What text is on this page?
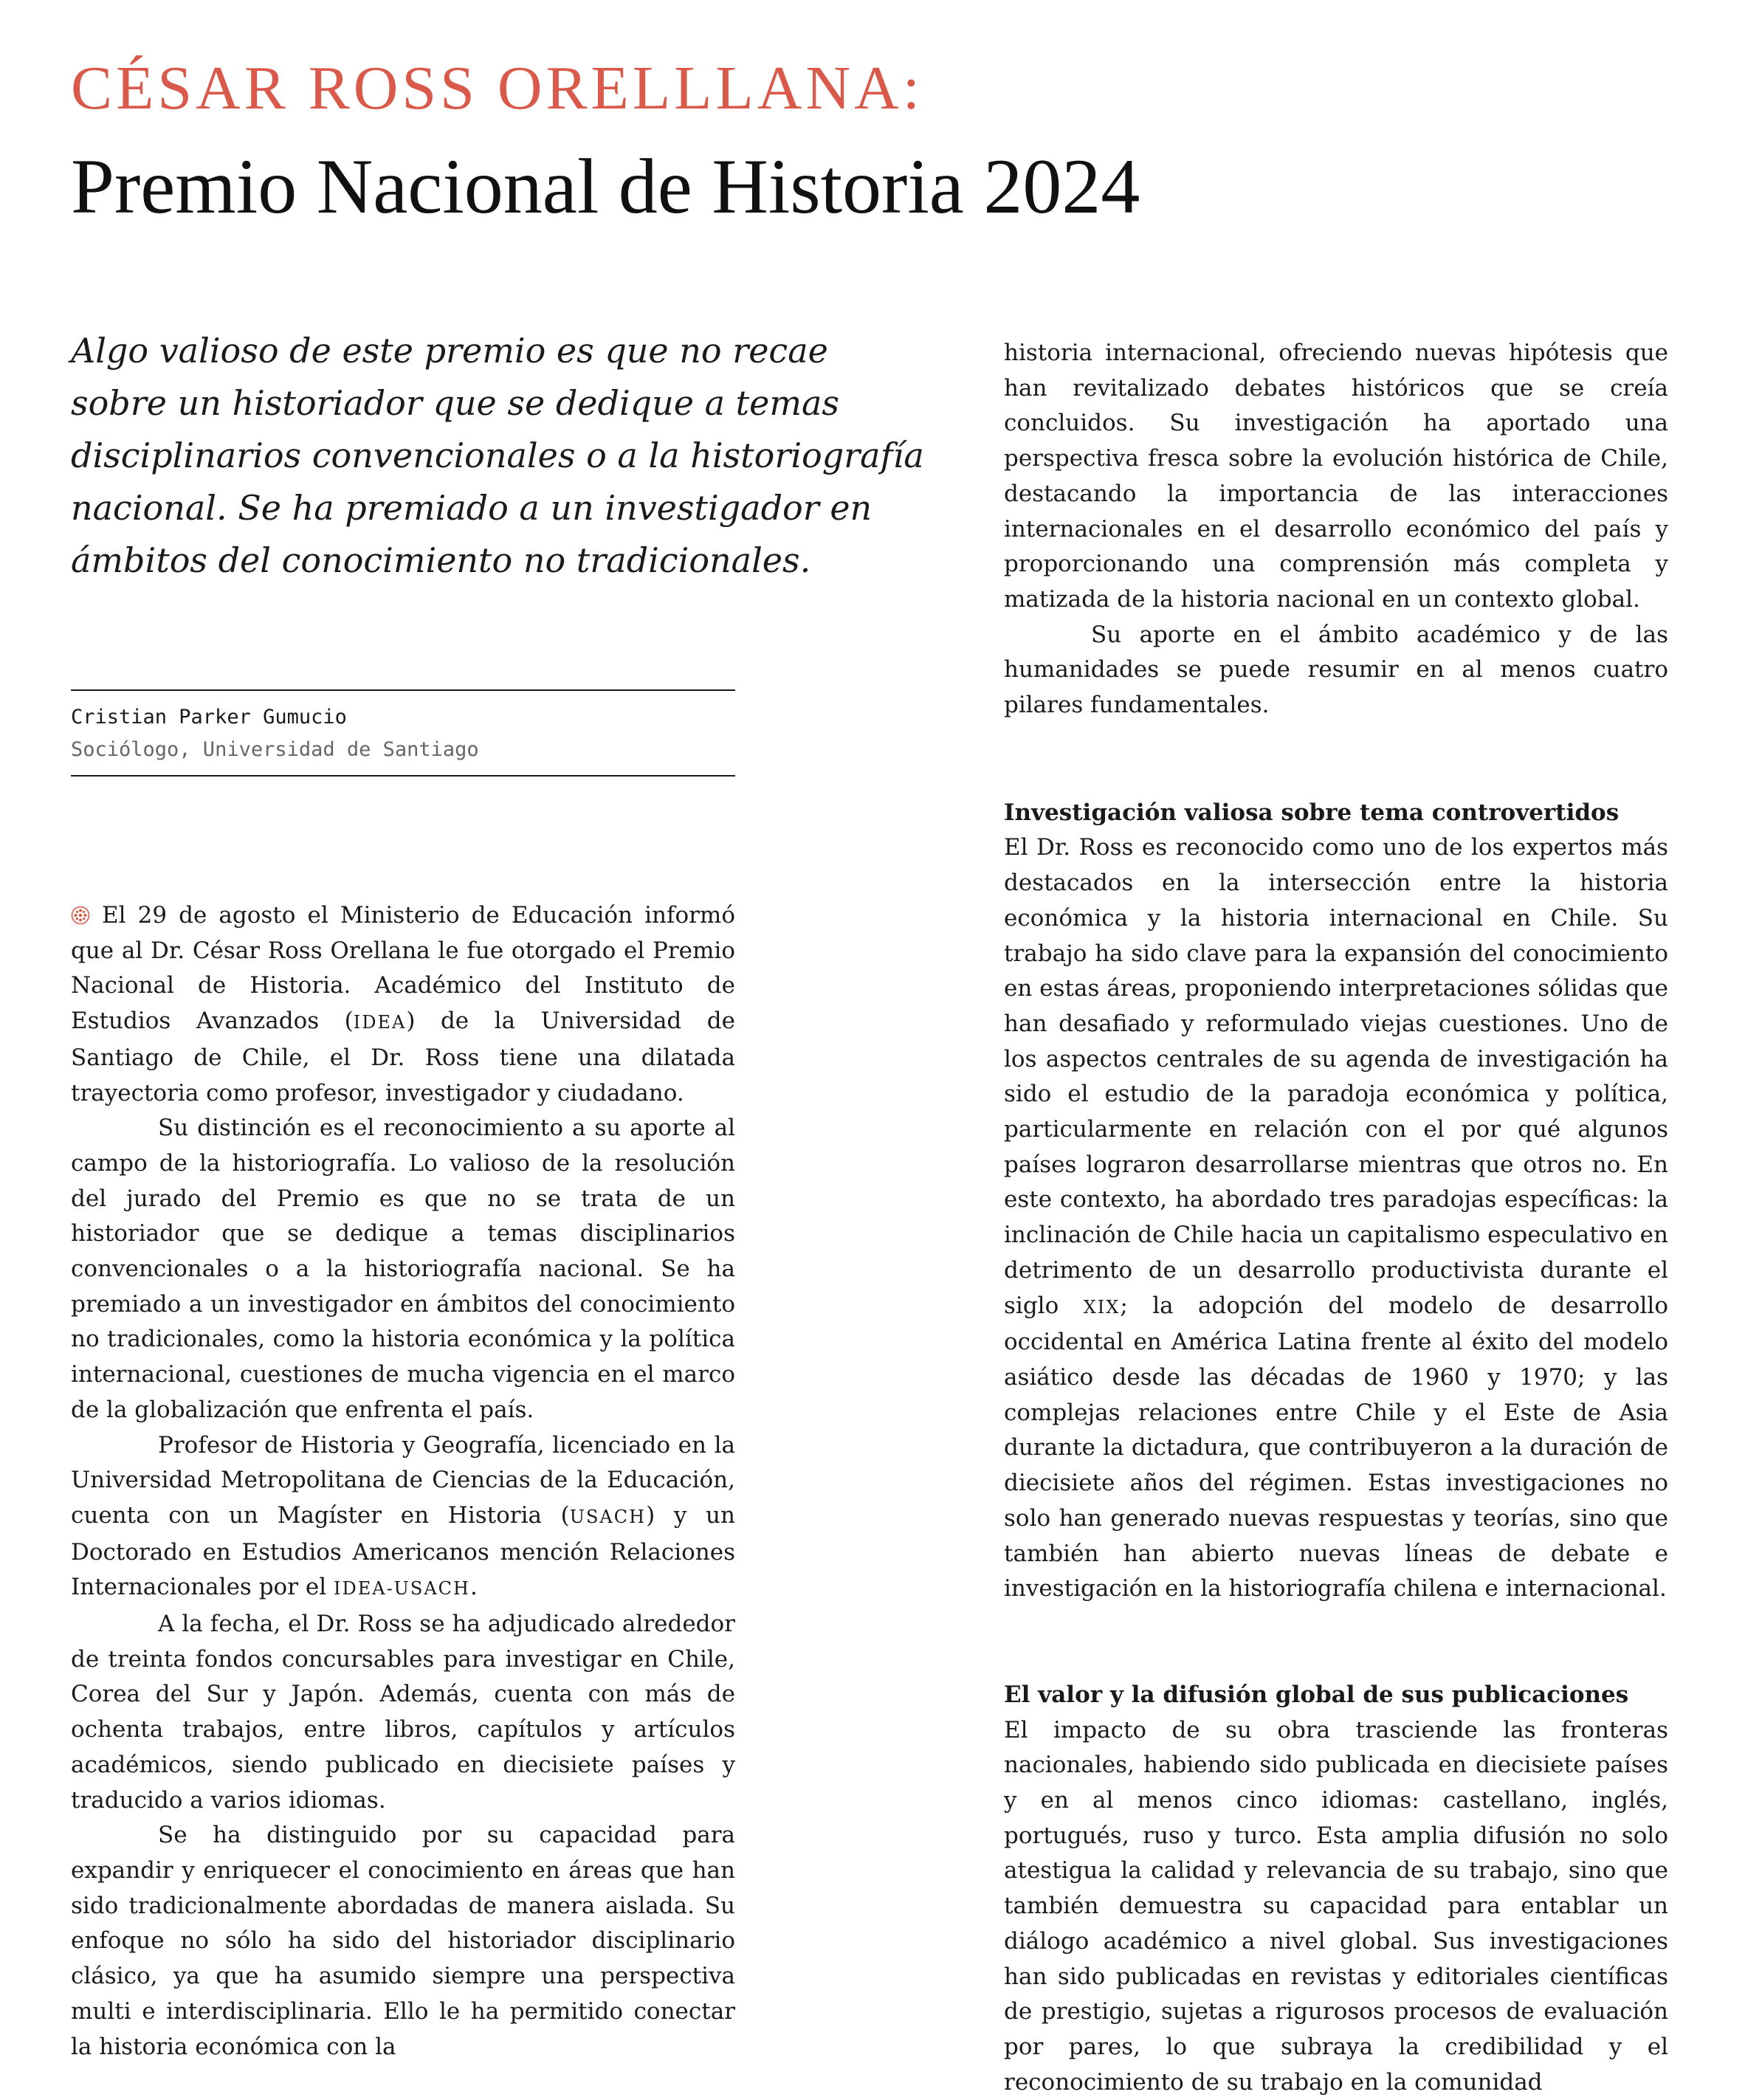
CÉSAR ROSS ORELLLANA:
Premio Nacional de Historia 2024

Algo valioso de este premio es que no recae sobre un historiador que se dedique a temas disciplinarios convencionales o a la historiografía nacional. Se ha premiado a un investigador en ámbitos del conocimiento no tradicionales.

Cristian Parker Gumucio
Sociólogo, Universidad de Santiago

El 29 de agosto el Ministerio de Educación informó que al Dr. César Ross Orellana le fue otorgado el Premio Nacional de Historia. Académico del Instituto de Estudios Avanzados (IDEA) de la Universidad de Santiago de Chile, el Dr. Ross tiene una dilatada trayectoria como profesor, investigador y ciudadano.

Su distinción es el reconocimiento a su aporte al campo de la historiografía. Lo valioso de la resolución del jurado del Premio es que no se trata de un historiador que se dedique a temas disciplinarios convencionales o a la historiografía nacional. Se ha premiado a un investigador en ámbitos del conocimiento no tradicionales, como la historia económica y la política internacional, cuestiones de mucha vigencia en el marco de la globalización que enfrenta el país.

Profesor de Historia y Geografía, licenciado en la Universidad Metropolitana de Ciencias de la Educación, cuenta con un Magíster en Historia (USACH) y un Doctorado en Estudios Americanos mención Relaciones Internacionales por el IDEA-USACH.

A la fecha, el Dr. Ross se ha adjudicado alrededor de treinta fondos concursables para investigar en Chile, Corea del Sur y Japón. Además, cuenta con más de ochenta trabajos, entre libros, capítulos y artículos académicos, siendo publicado en diecisiete países y traducido a varios idiomas.

Se ha distinguido por su capacidad para expandir y enriquecer el conocimiento en áreas que han sido tradicionalmente abordadas de manera aislada. Su enfoque no sólo ha sido del historiador disciplinario clásico, ya que ha asumido siempre una perspectiva multi e interdisciplinaria. Ello le ha permitido conectar la historia económica con la

historia internacional, ofreciendo nuevas hipótesis que han revitalizado debates históricos que se creía concluidos. Su investigación ha aportado una perspectiva fresca sobre la evolución histórica de Chile, destacando la importancia de las interacciones internacionales en el desarrollo económico del país y proporcionando una comprensión más completa y matizada de la historia nacional en un contexto global.

Su aporte en el ámbito académico y de las humanidades se puede resumir en al menos cuatro pilares fundamentales.

Investigación valiosa sobre tema controvertidos

El Dr. Ross es reconocido como uno de los expertos más destacados en la intersección entre la historia económica y la historia internacional en Chile. Su trabajo ha sido clave para la expansión del conocimiento en estas áreas, proponiendo interpretaciones sólidas que han desafiado y reformulado viejas cuestiones. Uno de los aspectos centrales de su agenda de investigación ha sido el estudio de la paradoja económica y política, particularmente en relación con el por qué algunos países lograron desarrollarse mientras que otros no. En este contexto, ha abordado tres paradojas específicas: la inclinación de Chile hacia un capitalismo especulativo en detrimento de un desarrollo productivista durante el siglo XIX; la adopción del modelo de desarrollo occidental en América Latina frente al éxito del modelo asiático desde las décadas de 1960 y 1970; y las complejas relaciones entre Chile y el Este de Asia durante la dictadura, que contribuyeron a la duración de diecisiete años del régimen. Estas investigaciones no solo han generado nuevas respuestas y teorías, sino que también han abierto nuevas líneas de debate e investigación en la historiografía chilena e internacional.

El valor y la difusión global de sus publicaciones

El impacto de su obra trasciende las fronteras nacionales, habiendo sido publicada en diecisiete países y en al menos cinco idiomas: castellano, inglés, portugués, ruso y turco. Esta amplia difusión no solo atestigua la calidad y relevancia de su trabajo, sino que también demuestra su capacidad para entablar un diálogo académico a nivel global. Sus investigaciones han sido publicadas en revistas y editoriales científicas de prestigio, sujetas a rigurosos procesos de evaluación por pares, lo que subraya la credibilidad y el reconocimiento de su trabajo en la comunidad
